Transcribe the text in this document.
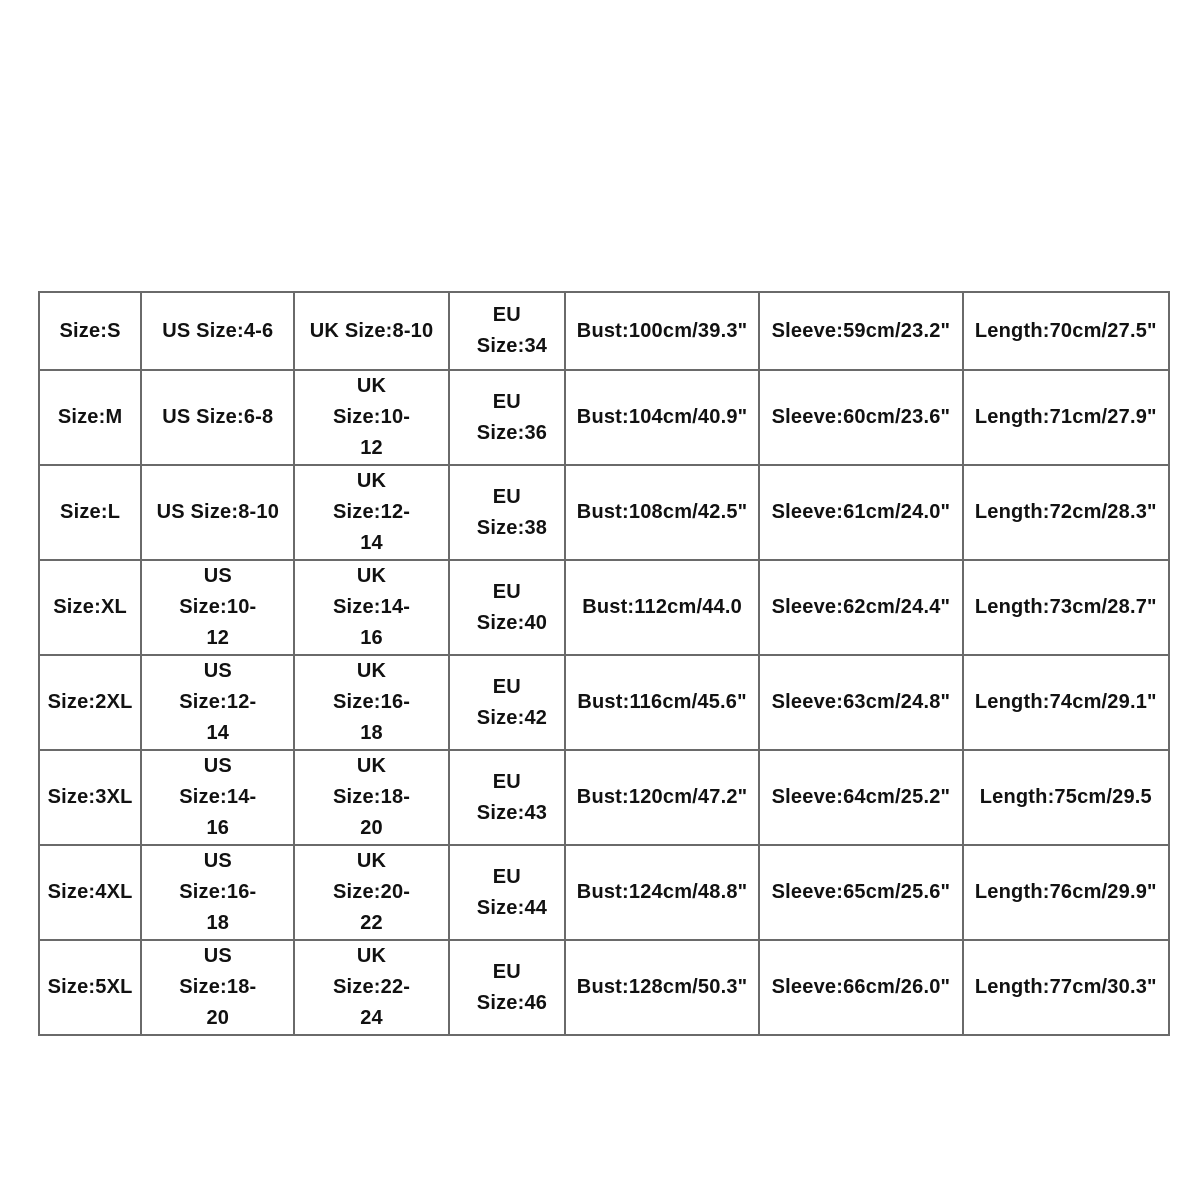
Size:S	US Size:4-6	UK Size:8-10	EU Size:34	Bust:100cm/39.3"	Sleeve:59cm/23.2"	Length:70cm/27.5"
Size:M	US Size:6-8	UK Size:10-12	EU Size:36	Bust:104cm/40.9"	Sleeve:60cm/23.6"	Length:71cm/27.9"
Size:L	US Size:8-10	UK Size:12-14	EU Size:38	Bust:108cm/42.5"	Sleeve:61cm/24.0"	Length:72cm/28.3"
Size:XL	US Size:10-12	UK Size:14-16	EU Size:40	Bust:112cm/44.0	Sleeve:62cm/24.4"	Length:73cm/28.7"
Size:2XL	US Size:12-14	UK Size:16-18	EU Size:42	Bust:116cm/45.6"	Sleeve:63cm/24.8"	Length:74cm/29.1"
Size:3XL	US Size:14-16	UK Size:18-20	EU Size:43	Bust:120cm/47.2"	Sleeve:64cm/25.2"	Length:75cm/29.5
Size:4XL	US Size:16-18	UK Size:20-22	EU Size:44	Bust:124cm/48.8"	Sleeve:65cm/25.6"	Length:76cm/29.9"
Size:5XL	US Size:18-20	UK Size:22-24	EU Size:46	Bust:128cm/50.3"	Sleeve:66cm/26.0"	Length:77cm/30.3"
